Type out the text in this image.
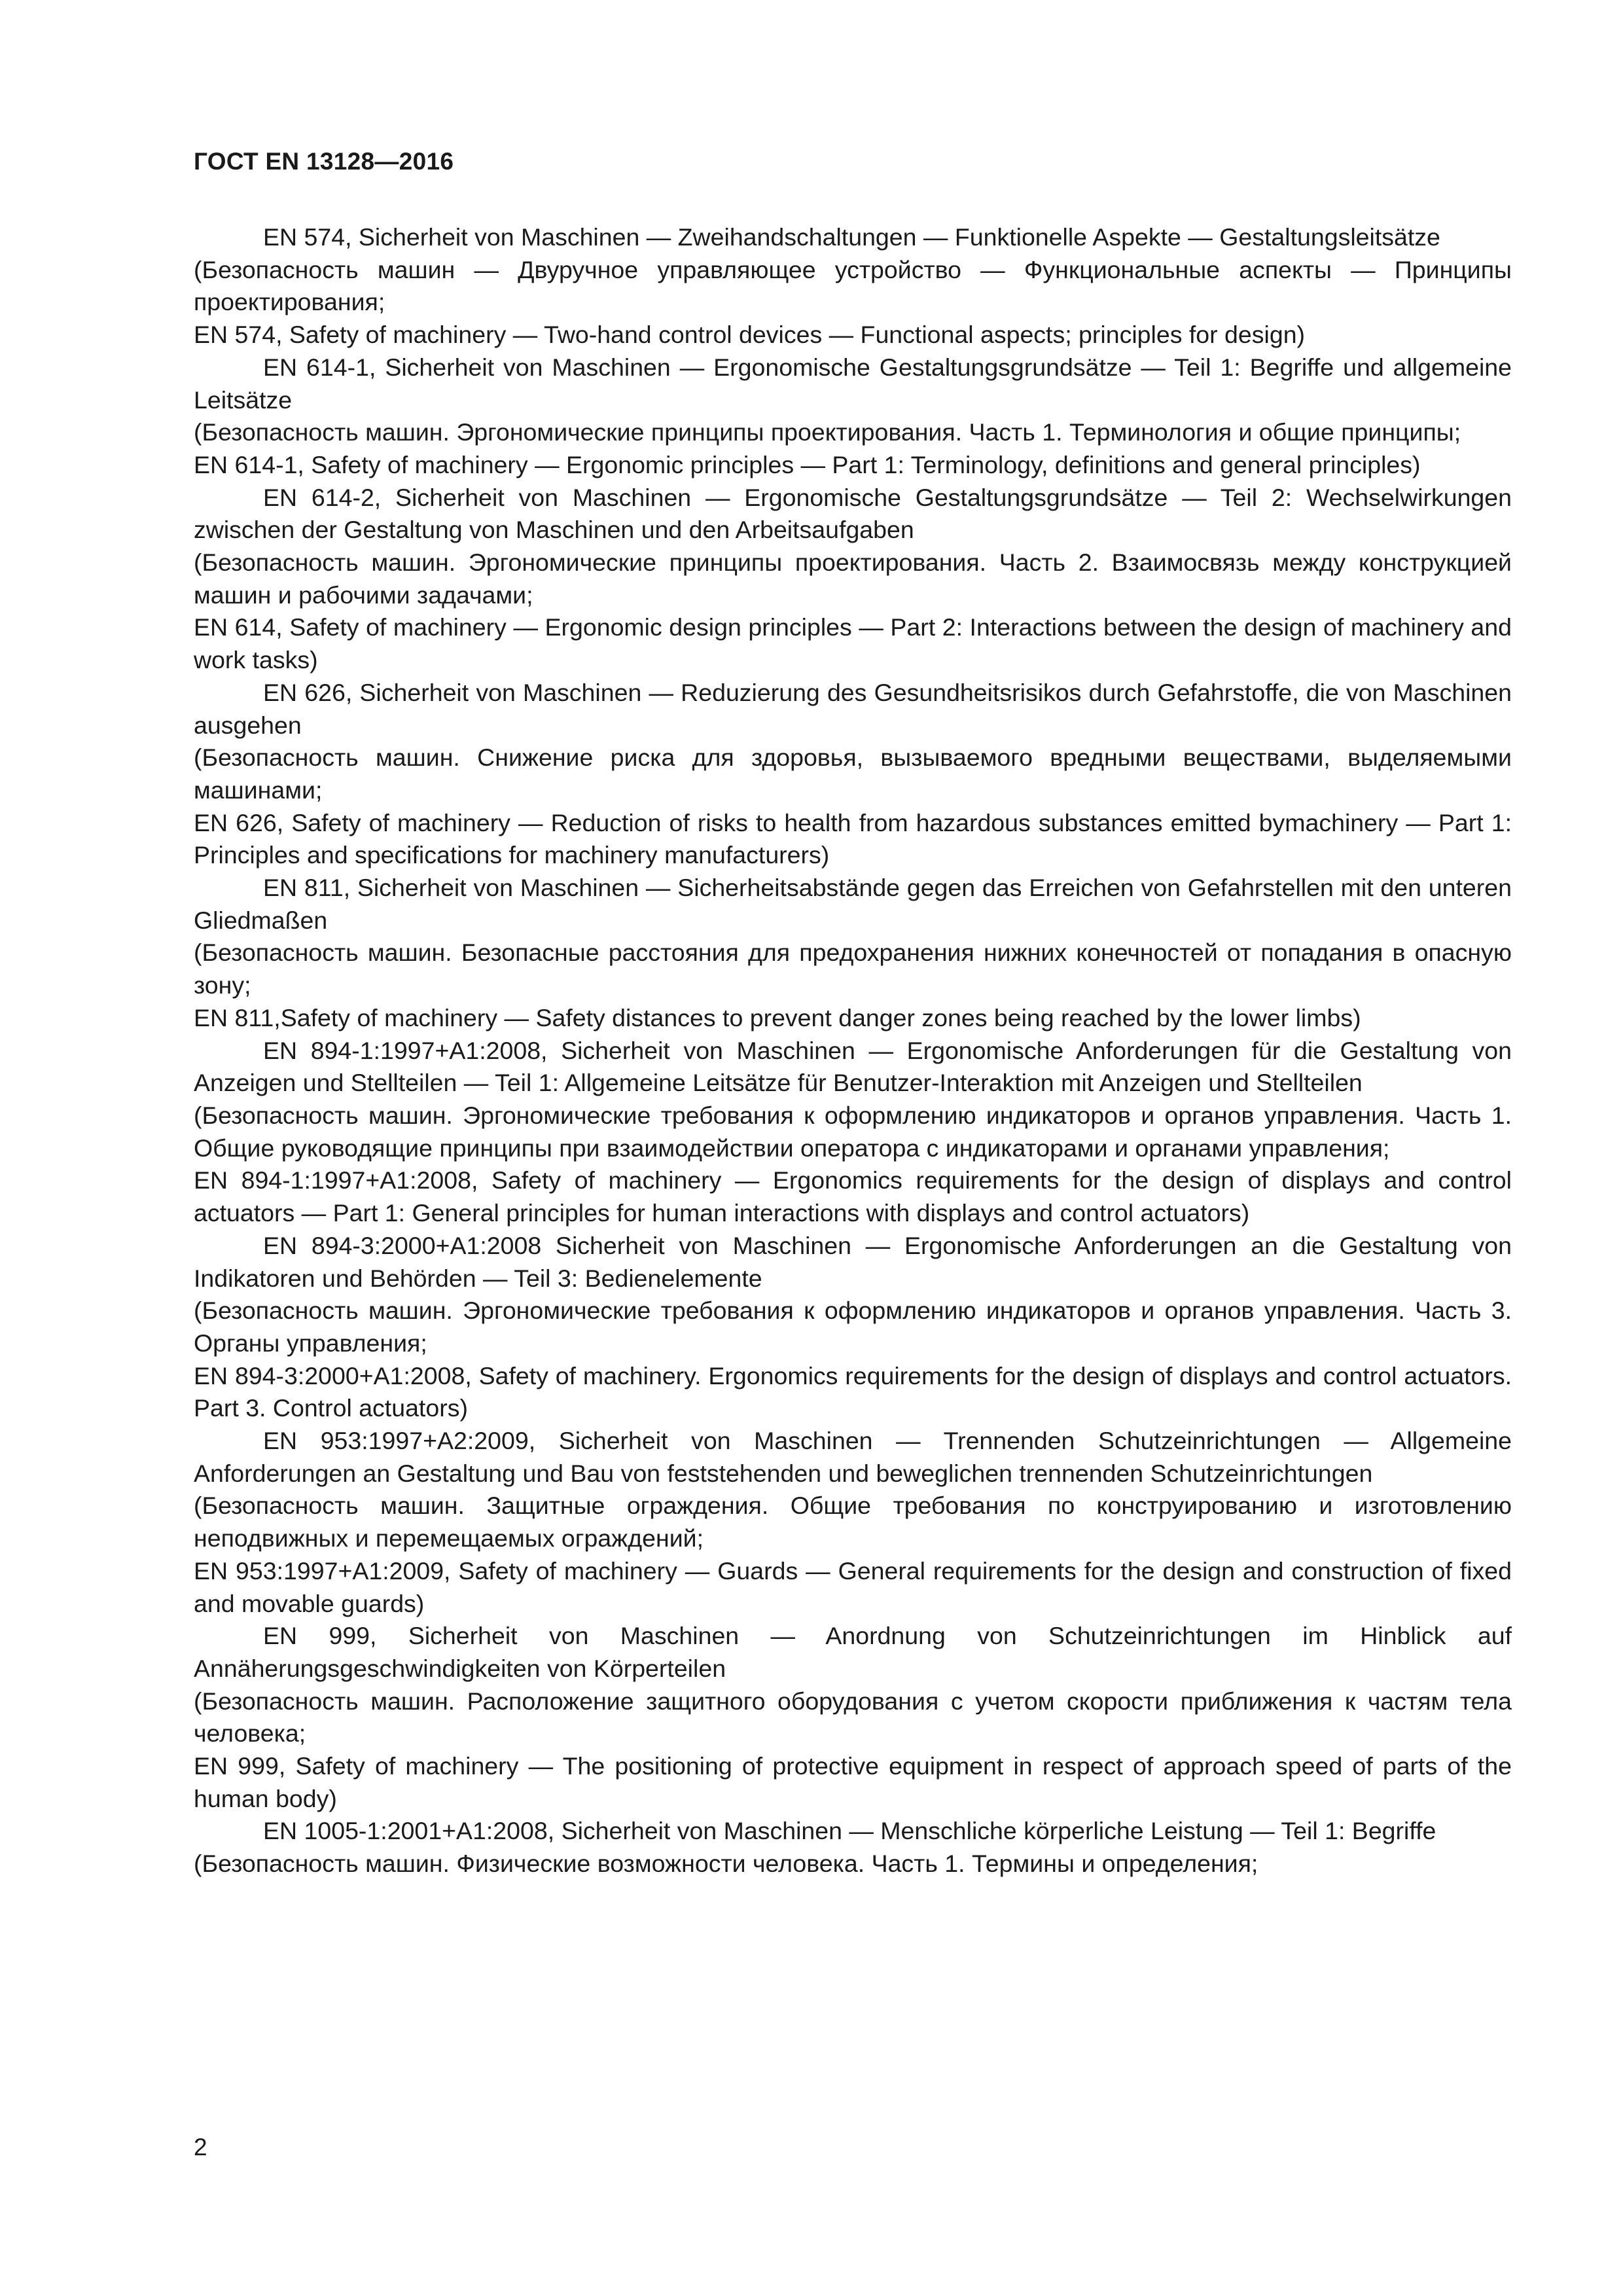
ГОСТ EN 13128—2016

EN 574, Sicherheit von Maschinen — Zweihandschaltungen — Funktionelle Aspekte — Gestaltungsleitsätze

(Безопасность машин — Двуручное управляющее устройство — Функциональные аспекты — Принципы проектирования;

EN 574, Safety of machinery — Two-hand control devices — Functional aspects; principles for design)

EN 614-1, Sicherheit von Maschinen — Ergonomische Gestaltungsgrundsätze — Teil 1: Begriffe und allgemeine Leitsätze

(Безопасность машин. Эргономические принципы проектирования. Часть 1. Терминология и общие принципы;

EN 614-1, Safety of machinery — Ergonomic principles — Part 1: Terminology, definitions and general principles)

EN 614-2, Sicherheit von Maschinen — Ergonomische Gestaltungsgrundsätze — Teil 2: Wechselwirkungen zwischen der Gestaltung von Maschinen und den Arbeitsaufgaben

(Безопасность машин. Эргономические принципы проектирования. Часть 2. Взаимосвязь между конструкцией машин и рабочими задачами;

EN 614, Safety of machinery — Ergonomic design principles — Part 2: Interactions between the design of machinery and work tasks)

EN 626, Sicherheit von Maschinen — Reduzierung des Gesundheitsrisikos durch Gefahrstoffe, die von Maschinen ausgehen

(Безопасность машин. Снижение риска для здоровья, вызываемого вредными веществами, выделяемыми машинами;

EN 626, Safety of machinery — Reduction of risks to health from hazardous substances emitted bymachinery — Part 1: Principles and specifications for machinery manufacturers)

EN 811, Sicherheit von Maschinen — Sicherheitsabstände gegen das Erreichen von Gefahrstellen mit den unteren Gliedmaßen

(Безопасность машин. Безопасные расстояния для предохранения нижних конечностей от попадания в опасную зону;

EN 811,Safety of machinery — Safety distances to prevent danger zones being reached by the lower limbs)

EN 894-1:1997+A1:2008, Sicherheit von Maschinen — Ergonomische Anforderungen für die Gestaltung von Anzeigen und Stellteilen — Teil 1: Allgemeine Leitsätze für Benutzer-Interaktion mit Anzeigen und Stellteilen

(Безопасность машин. Эргономические требования к оформлению индикаторов и органов управления. Часть 1. Общие руководящие принципы при взаимодействии оператора с индикаторами и органами управления;

EN 894-1:1997+A1:2008, Safety of machinery — Ergonomics requirements for the design of displays and control actuators — Part 1: General principles for human interactions with displays and control actuators)

EN 894-3:2000+A1:2008 Sicherheit von Maschinen — Ergonomische Anforderungen an die Gestaltung von Indikatoren und Behörden — Teil 3: Bedienelemente

(Безопасность машин. Эргономические требования к оформлению индикаторов и органов управления. Часть 3. Органы управления;

EN 894-3:2000+A1:2008, Safety of machinery. Ergonomics requirements for the design of displays and control actuators. Part 3. Control actuators)

EN 953:1997+A2:2009, Sicherheit von Maschinen — Trennenden Schutzeinrichtungen — Allgemeine Anforderungen an Gestaltung und Bau von feststehenden und beweglichen trennenden Schutzeinrichtungen

(Безопасность машин. Защитные ограждения. Общие требования по конструированию и изготовлению неподвижных и перемещаемых ограждений;

EN 953:1997+A1:2009, Safety of machinery — Guards — General requirements for the design and construction of fixed and movable guards)

EN 999, Sicherheit von Maschinen — Anordnung von Schutzeinrichtungen im Hinblick auf Annäherungsgeschwindigkeiten von Körperteilen

(Безопасность машин. Расположение защитного оборудования с учетом скорости приближения к частям тела человека;

EN 999, Safety of machinery — The positioning of protective equipment in respect of approach speed of parts of the human body)

EN 1005-1:2001+A1:2008, Sicherheit von Maschinen — Menschliche körperliche Leistung — Teil 1: Begriffe

(Безопасность машин. Физические возможности человека. Часть 1. Термины и определения;

2
